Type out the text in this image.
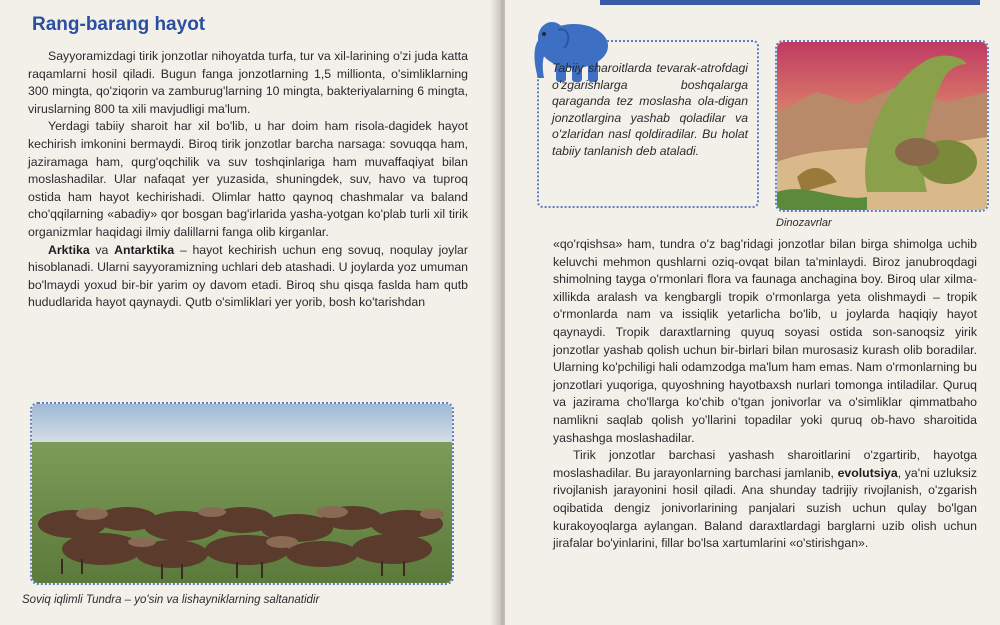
Rang-barang hayot

Sayyoramizdagi tirik jonzotlar nihoyatda turfa, tur va xil-larining o'zi juda katta raqamlarni hosil qiladi. Bugun fanga jonzotlarning 1,5 millionta, o'simliklarning 300 mingta, qo'ziqorin va zamburug'larning 10 mingta, bakteriyalarning 6 mingta, viruslarning 800 ta xili mavjudligi ma'lum.

Yerdagi tabiiy sharoit har xil bo'lib, u har doim ham risola-dagidek hayot kechirish imkonini bermaydi. Biroq tirik jonzotlar barcha narsaga: sovuqqa ham, jaziramaga ham, qurg'oqchilik va suv toshqinlariga ham muvaffaqiyat bilan moslashadilar. Ular nafaqat yer yuzasida, shuningdek, suv, havo va tuproq ostida ham hayot kechirishadi. Olimlar hatto qaynoq chashmalar va baland cho'qqilarning «abadiy» qor bosgan bag'irlarida yasha-yotgan ko'plab turli xil tirik organizmlar haqidagi ilmiy dalillarni fanga olib kirganlar.

Arktika va Antarktika – hayot kechirish uchun eng sovuq, noqulay joylar hisoblanadi. Ularni sayyoramizning uchlari deb atashadi. U joylarda yoz umuman bo'lmaydi yoxud bir-bir yarim oy davom etadi. Biroq shu qisqa faslda ham qutb hududlarida hayot qaynaydi. Qutb o'simliklari yer yorib, bosh ko'tarishdan

Soviq iqlimli Tundra – yo'sin va lishayniklarning saltanatidir
Tabiiy sharoitlarda tevarak-atrofdagi o'zgarishlarga boshqalarga qaraganda tez moslasha ola-digan jonzotlargina yashab qoladilar va o'zlaridan nasl qoldiradilar. Bu holat tabiiy tanlanish deb ataladi.
Dinozavrlar

«qo'rqishsa» ham, tundra o'z bag'ridagi jonzotlar bilan birga shimolga uchib keluvchi mehmon qushlarni oziq-ovqat bilan ta'minlaydi. Biroz janubroqdagi shimolning tayga o'rmonlari flora va faunaga anchagina boy. Biroq ular xilma-xillikda aralash va kengbargli tropik o'rmonlarga yeta olishmaydi – tropik o'rmonlarda nam va issiqlik yetarlicha bo'lib, u joylarda haqiqiy hayot qaynaydi. Tropik daraxtlarning quyuq soyasi ostida son-sanoqsiz yirik jonzotlar yashab qolish uchun bir-birlari bilan murosasiz kurash olib boradilar. Ularning ko'pchiligi hali odamzodga ma'lum ham emas. Nam o'rmonlarning bu jonzotlari yuqoriga, quyoshning hayotbaxsh nurlari tomonga intiladilar. Quruq va jazirama cho'llarga ko'chib o'tgan jonivorlar va o'simliklar qimmatbaho namlikni saqlab qolish yo'llarini topadilar yoki quruq ob-havo sharoitida yashashga moslashadilar.

Tirik jonzotlar barchasi yashash sharoitlarini o'zgartirib, hayotga moslashadilar. Bu jarayonlarning barchasi jamlanib, evolutsiya, ya'ni uzluksiz rivojlanish jarayonini hosil qiladi. Ana shunday tadrijiy rivojlanish, o'zgarish oqibatida dengiz jonivorlarining panjalari suzish uchun qulay bo'lgan kurakoyoqlarga aylangan. Baland daraxtlardagi barglarni uzib olish uchun jirafalar bo'yinlarini, fillar bo'lsa xartumlarini «o'stirishgan».
